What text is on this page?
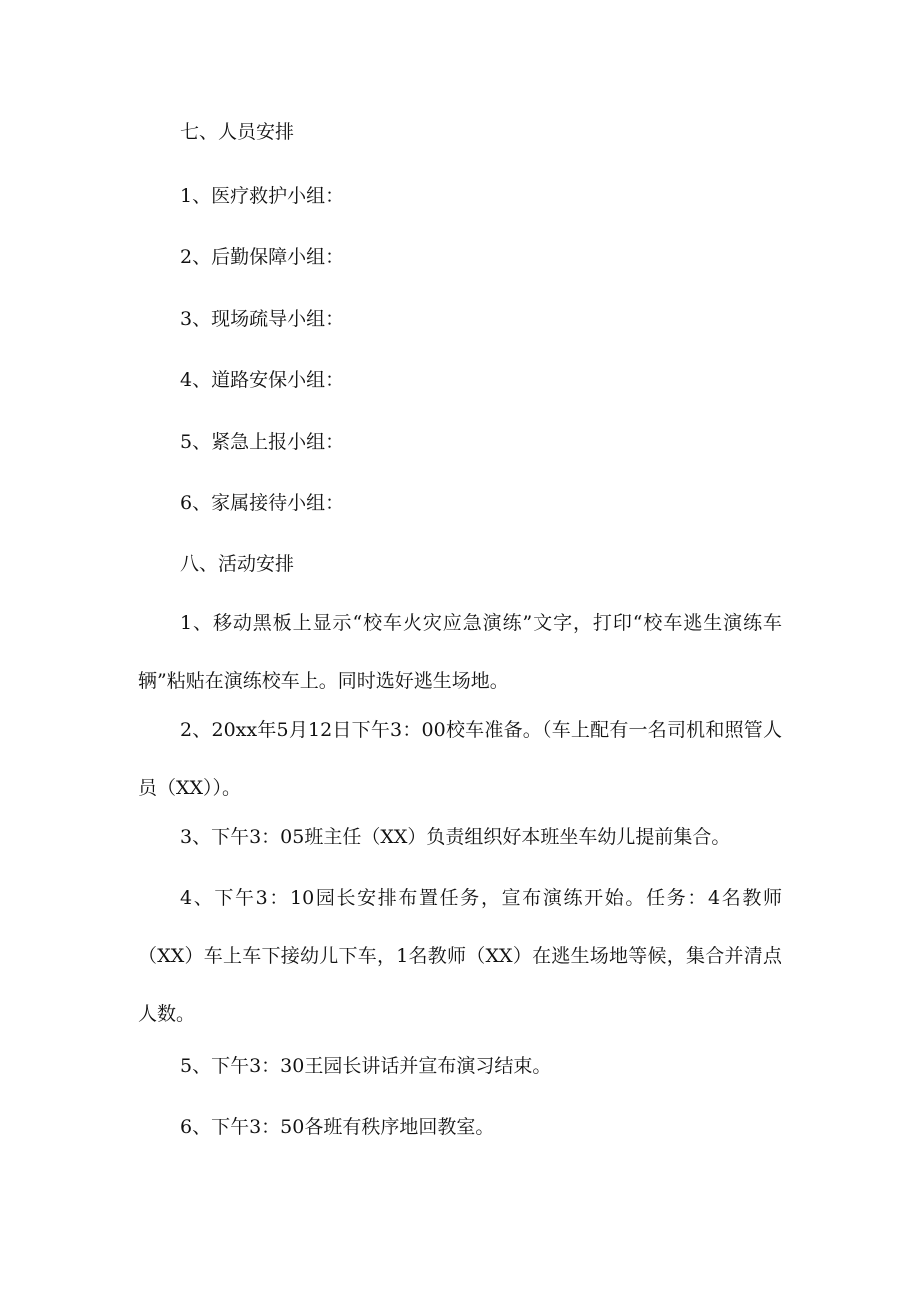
七、人员安排
1、医疗救护小组：
2、后勤保障小组：
3、现场疏导小组：
4、道路安保小组：
5、紧急上报小组：
6、家属接待小组：
八、活动安排
1、移动黑板上显示“校车火灾应急演练”文字，打印“校车逃生演练车辆”粘贴在演练校车上。同时选好逃生场地。
2、20xx年5月12日下午3：00校车准备。（车上配有一名司机和照管人员（XX））。
3、下午3：05班主任（XX）负责组织好本班坐车幼儿提前集合。
4、下午3：10园长安排布置任务，宣布演练开始。任务：4名教师（XX）车上车下接幼儿下车，1名教师（XX）在逃生场地等候，集合并清点人数。
5、下午3：30王园长讲话并宣布演习结束。
6、下午3：50各班有秩序地回教室。
